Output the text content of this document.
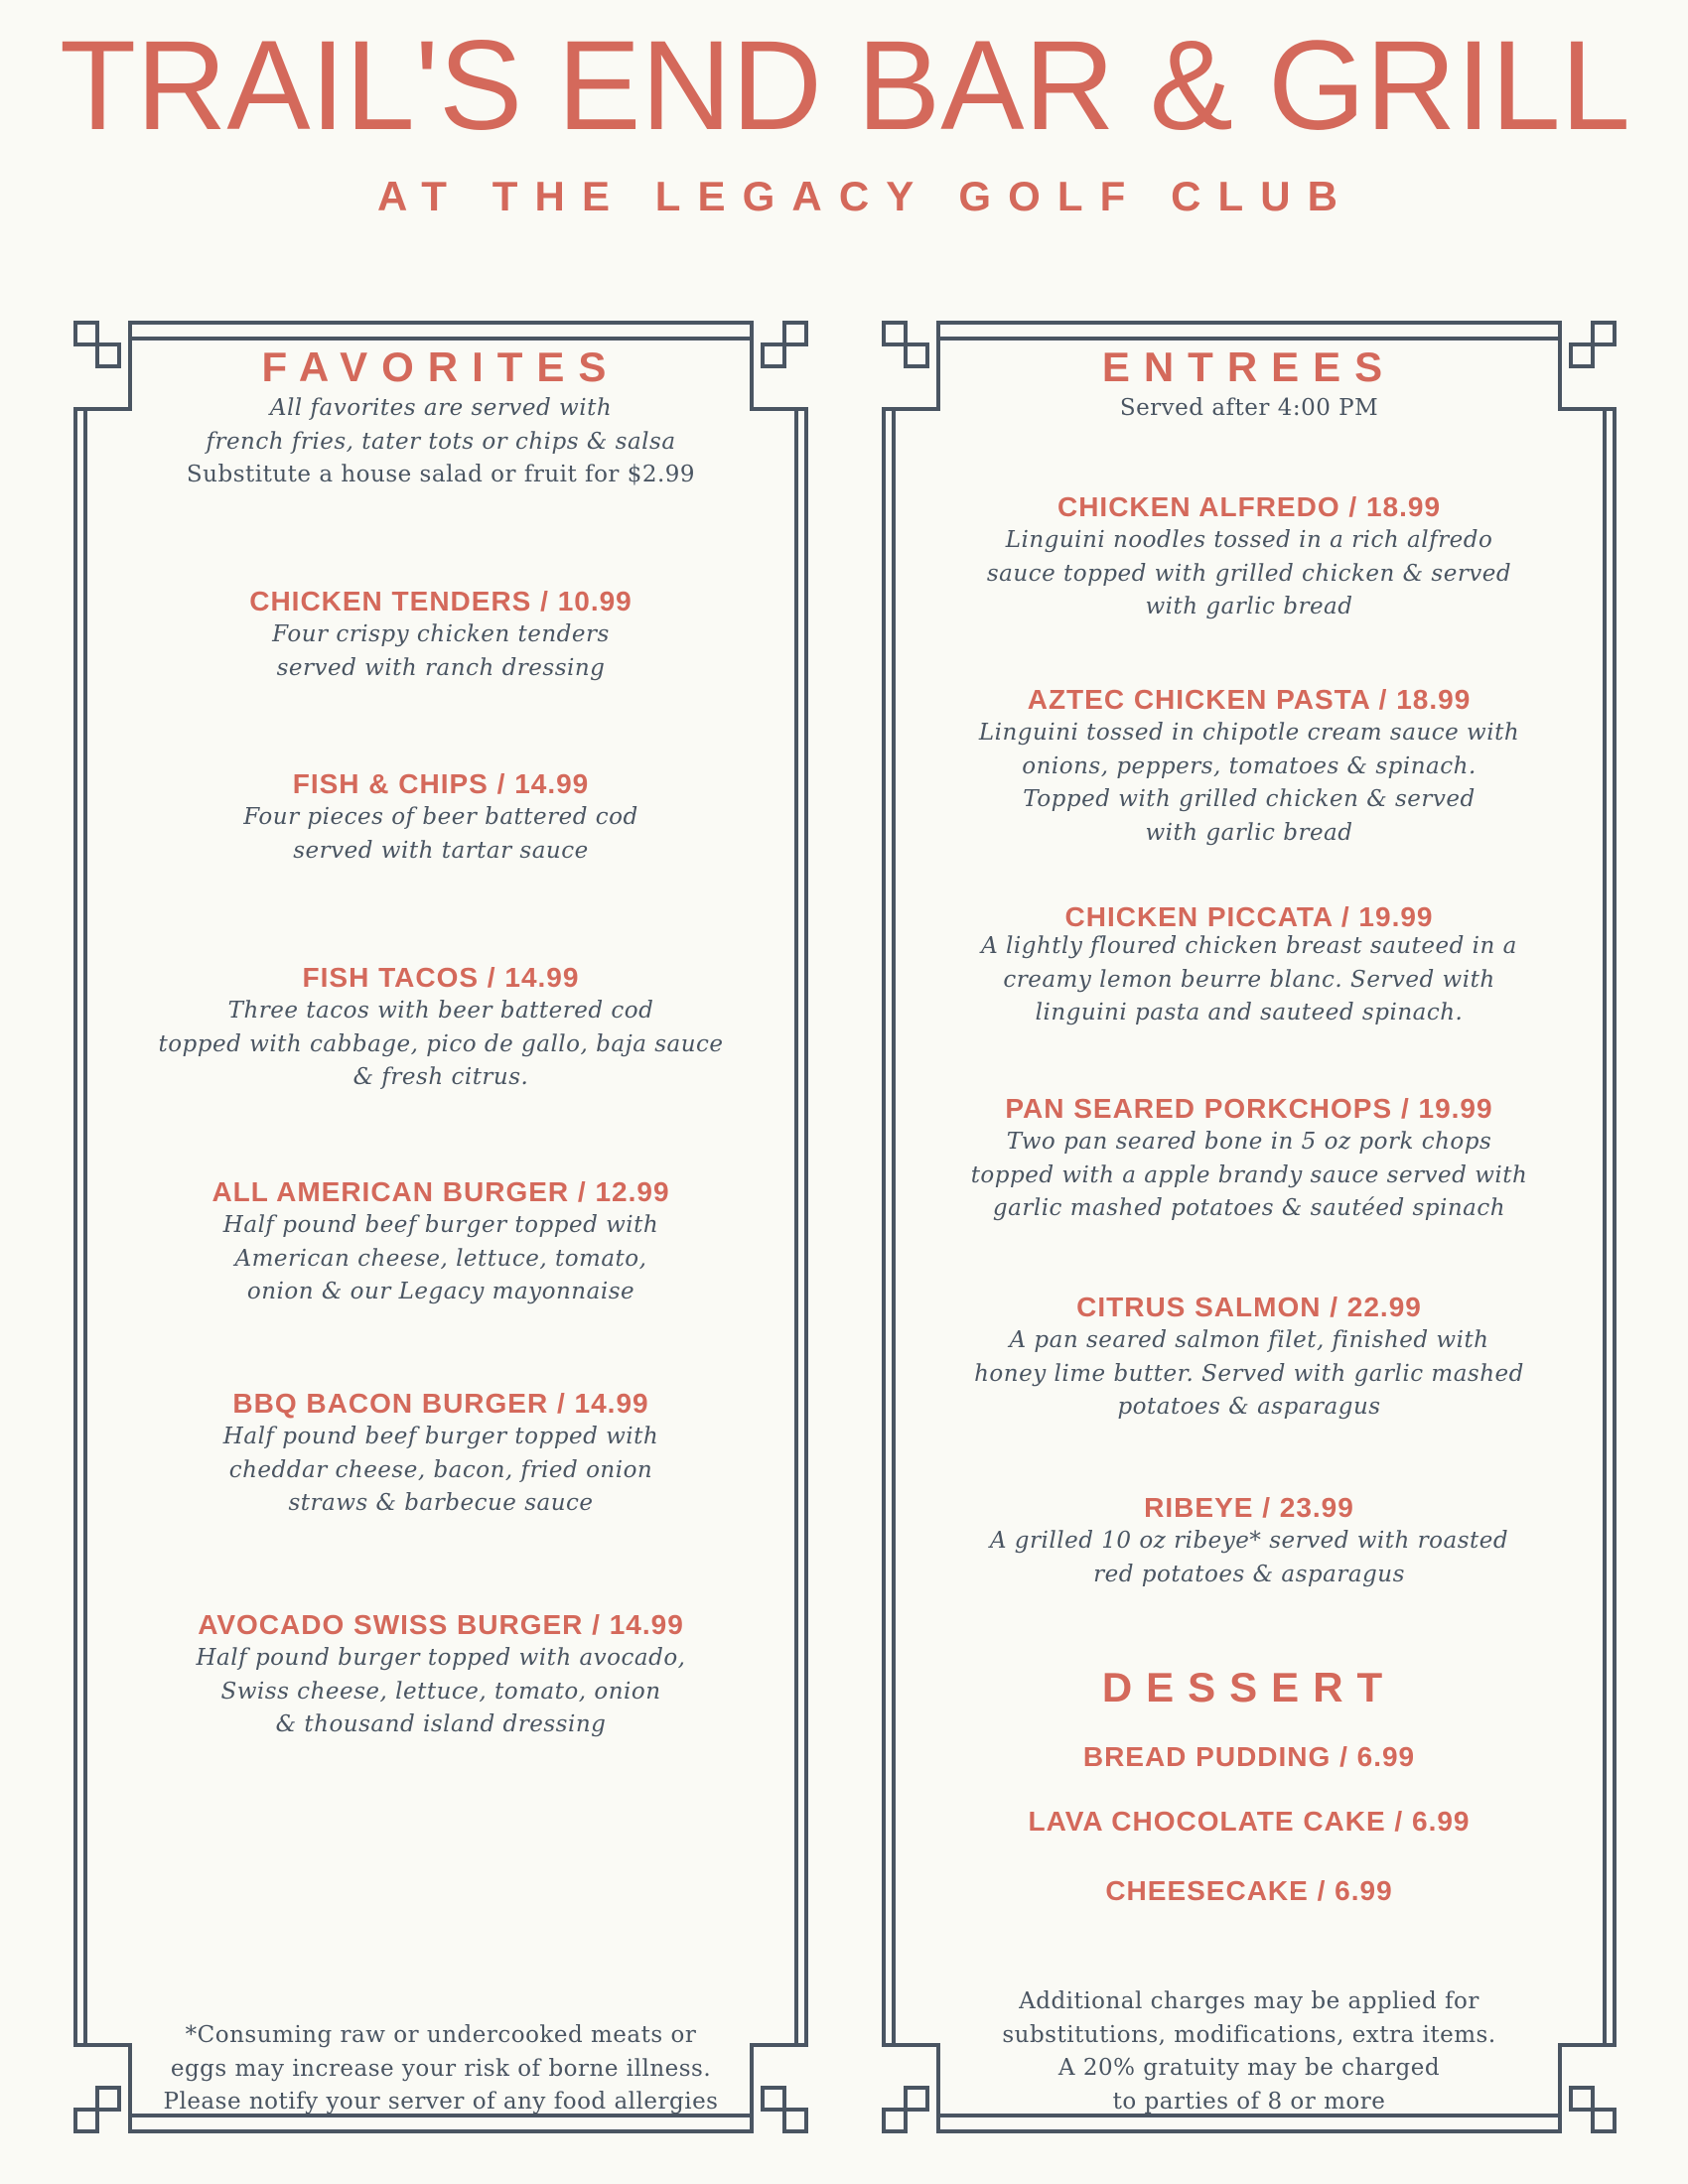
TRAIL'S END BAR & GRILL
AT THE LEGACY GOLF CLUB
FAVORITES
All favorites are served with
french fries, tater tots or chips & salsa
Substitute a house salad or fruit for $2.99
CHICKEN TENDERS / 10.99
Four crispy chicken tenders
served with ranch dressing
FISH & CHIPS / 14.99
Four pieces of beer battered cod
served with tartar sauce
FISH TACOS / 14.99
Three tacos with beer battered cod
topped with cabbage, pico de gallo, baja sauce
& fresh citrus.
ALL AMERICAN BURGER / 12.99
Half pound beef burger topped with
American cheese, lettuce, tomato,
onion & our Legacy mayonnaise
BBQ BACON BURGER / 14.99
Half pound beef burger topped with
cheddar cheese, bacon, fried onion
straws & barbecue sauce
AVOCADO SWISS BURGER / 14.99
Half pound burger topped with avocado,
Swiss cheese, lettuce, tomato, onion
& thousand island dressing
*Consuming raw or undercooked meats or
eggs may increase your risk of borne illness.
Please notify your server of any food allergies
ENTREES
Served after 4:00 PM
CHICKEN ALFREDO / 18.99
Linguini noodles tossed in a rich alfredo
sauce topped with grilled chicken & served
with garlic bread
AZTEC CHICKEN PASTA / 18.99
Linguini tossed in chipotle cream sauce with
onions, peppers, tomatoes & spinach.
Topped with grilled chicken & served
with garlic bread
CHICKEN PICCATA / 19.99
A lightly floured chicken breast sauteed in a
creamy lemon beurre blanc. Served with
linguini pasta and sauteed spinach.
PAN SEARED PORKCHOPS / 19.99
Two pan seared bone in 5 oz pork chops
topped with a apple brandy sauce served with
garlic mashed potatoes & sautéed spinach
CITRUS SALMON / 22.99
A pan seared salmon filet, finished with
honey lime butter. Served with garlic mashed
potatoes & asparagus
RIBEYE / 23.99
A grilled 10 oz ribeye* served with roasted
red potatoes & asparagus
DESSERT
BREAD PUDDING / 6.99
LAVA CHOCOLATE CAKE / 6.99
CHEESECAKE / 6.99
Additional charges may be applied for
substitutions, modifications, extra items.
A 20% gratuity may be charged
to parties of 8 or more
